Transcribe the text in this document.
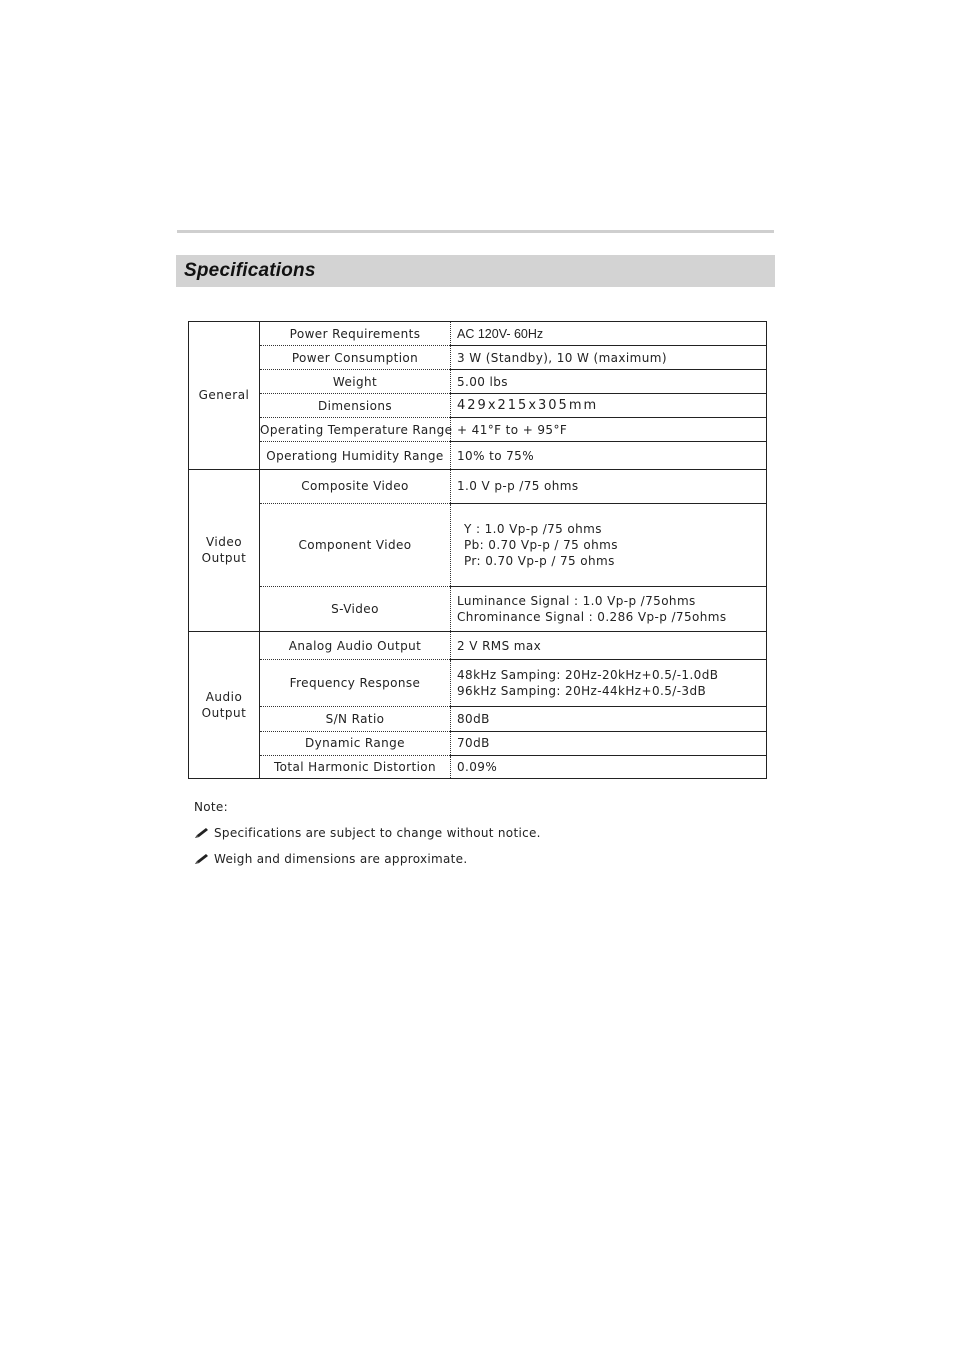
Specifications
General	Power Requirements	AC 120V- 60Hz
	Power Consumption	3 W (Standby), 10 W (maximum)
	Weight	5.00 lbs
	Dimensions	429x215x305mm
	Operating Temperature Range	+ 41°F to + 95°F
	Operationg Humidity Range	10% to 75%

Video
Output	Composite Video	1.0 V p-p /75 ohms
	Component Video	Y : 1.0 Vp-p /75 ohms
Pb: 0.70 Vp-p / 75 ohms
Pr: 0.70 Vp-p / 75 ohms

	S-Video	Luminance Signal : 1.0 Vp-p /75ohms
Chrominance Signal : 0.286 Vp-p /75ohms

Audio
Output	Analog Audio Output	2 V RMS max
	Frequency Response	48kHz Samping: 20Hz-20kHz+0.5/-1.0dB
96kHz Samping: 20Hz-44kHz+0.5/-3dB

	S/N Ratio	80dB
	Dynamic Range	70dB
	Total Harmonic Distortion	0.09%
Note:
Specifications are subject to change without notice.
Weigh and dimensions are approximate.
